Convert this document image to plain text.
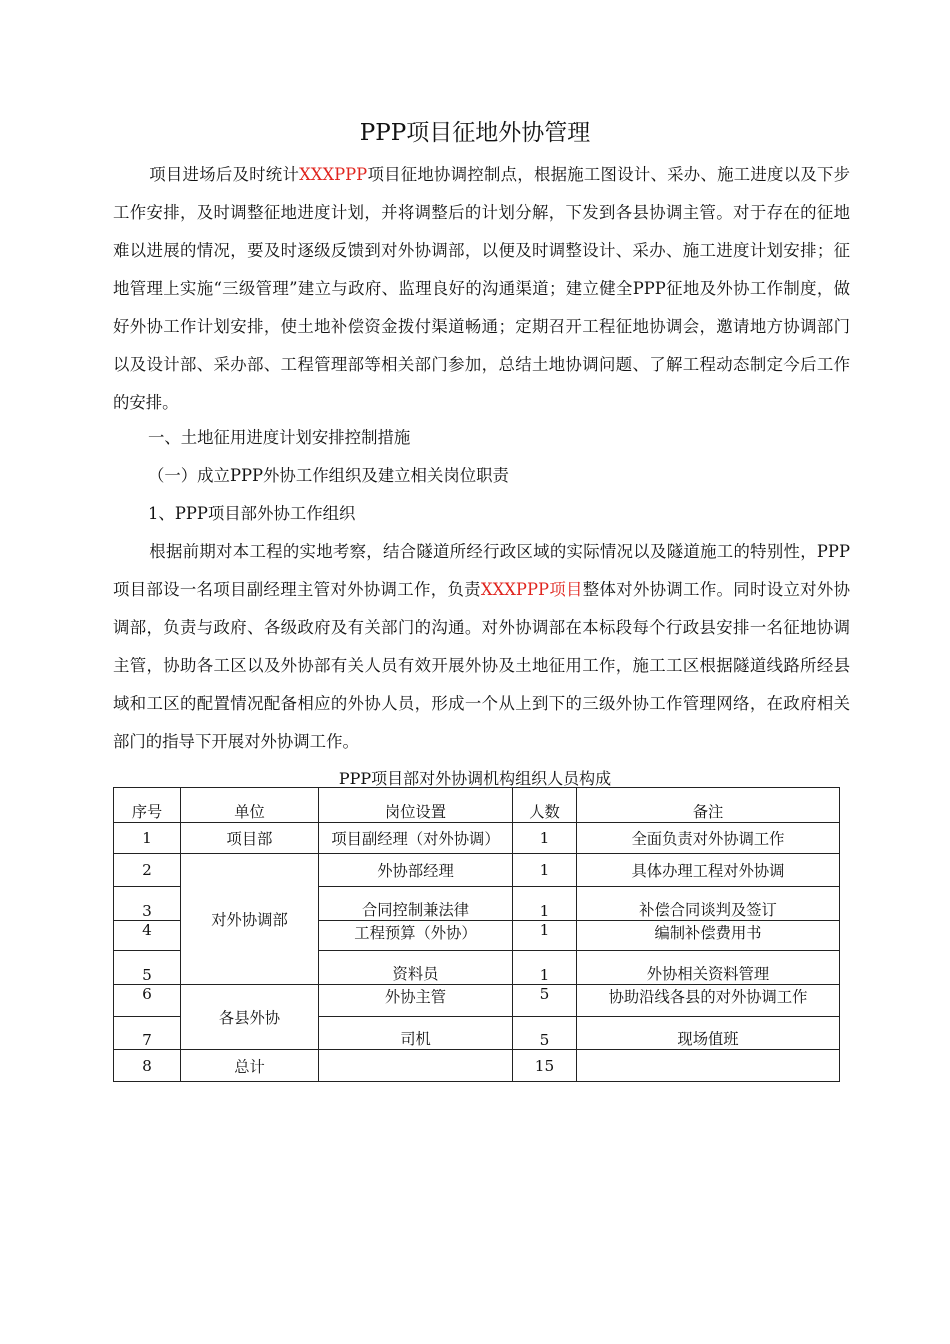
PPP项目征地外协管理

项目进场后及时统计XXXPPP项目征地协调控制点，根据施工图设计、采办、施工进度以及下步工作安排，及时调整征地进度计划，并将调整后的计划分解，下发到各县协调主管。对于存在的征地难以进展的情况，要及时逐级反馈到对外协调部，以便及时调整设计、采办、施工进度计划安排；征地管理上实施“三级管理”建立与政府、监理良好的沟通渠道；建立健全PPP征地及外协工作制度，做好外协工作计划安排，使土地补偿资金拨付渠道畅通；定期召开工程征地协调会，邀请地方协调部门以及设计部、采办部、工程管理部等相关部门参加，总结土地协调问题、了解工程动态制定今后工作的安排。

一、土地征用进度计划安排控制措施
（一）成立PPP外协工作组织及建立相关岗位职责
1、PPP项目部外协工作组织

根据前期对本工程的实地考察，结合隧道所经行政区域的实际情况以及隧道施工的特别性，PPP项目部设一名项目副经理主管对外协调工作，负责XXXPPP项目整体对外协调工作。同时设立对外协调部，负责与政府、各级政府及有关部门的沟通。对外协调部在本标段每个行政县安排一名征地协调主管，协助各工区以及外协部有关人员有效开展外协及土地征用工作，施工工区根据隧道线路所经县域和工区的配置情况配备相应的外协人员，形成一个从上到下的三级外协工作管理网络，在政府相关部门的指导下开展对外协调工作。

PPP项目部对外协调机构组织人员构成
序号	单位	岗位设置	人数	备注
1	项目部	项目副经理（对外协调）	1	全面负责对外协调工作
2	对外协调部	外协部经理	1	具体办理工程对外协调
3		合同控制兼法律	1	补偿合同谈判及签订
4		工程预算（外协）	1	编制补偿费用书
5		资料员	1	外协相关资料管理
6	各县外协	外协主管	5	协助沿线各县的对外协调工作
7		司机	5	现场值班
8	总计		15	
